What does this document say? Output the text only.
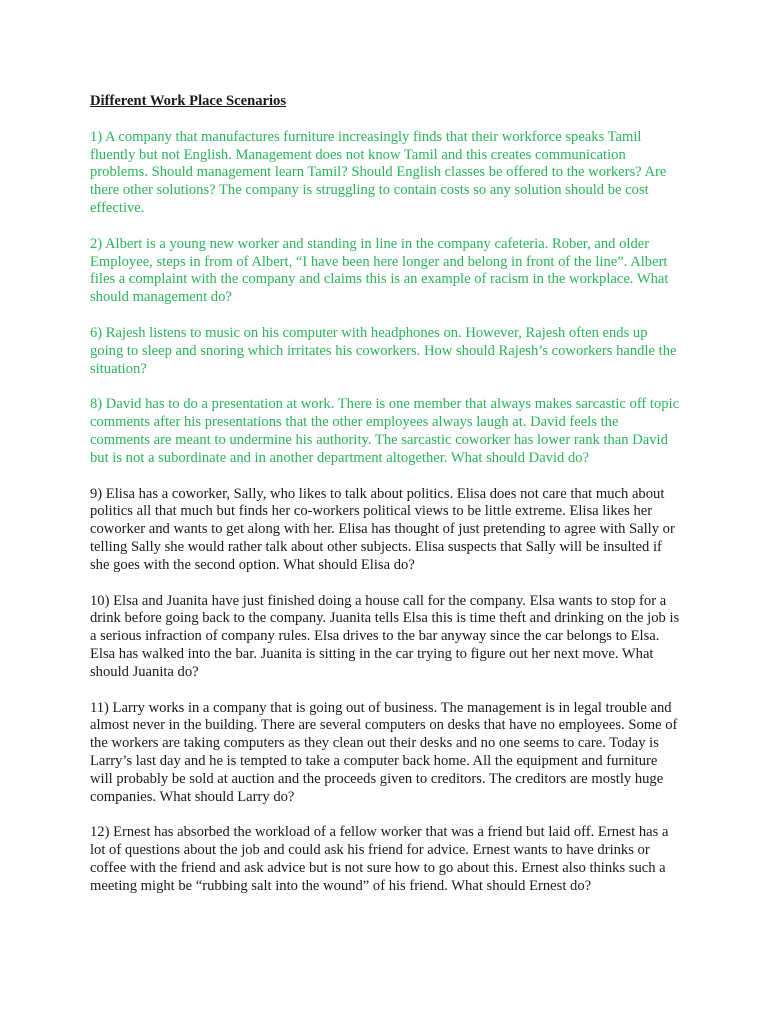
Different Work Place Scenarios

1) A company that manufactures furniture increasingly finds that their workforce speaks Tamil fluently but not English. Management does not know Tamil and this creates communication problems. Should management learn Tamil? Should English classes be offered to the workers? Are there other solutions? The company is struggling to contain costs so any solution should be cost effective.

2) Albert is a young new worker and standing in line in the company cafeteria. Rober, and older Employee, steps in from of Albert, “I have been here longer and belong in front of the line”. Albert files a complaint with the company and claims this is an example of racism in the workplace. What should management do?

6) Rajesh listens to music on his computer with headphones on. However, Rajesh often ends up going to sleep and snoring which irritates his coworkers. How should Rajesh’s coworkers handle the situation?

8) David has to do a presentation at work. There is one member that always makes sarcastic off topic comments after his presentations that the other employees always laugh at. David feels the comments are meant to undermine his authority. The sarcastic coworker has lower rank than David but is not a subordinate and in another department altogether. What should David do?

9) Elisa has a coworker, Sally, who likes to talk about politics. Elisa does not care that much about politics all that much but finds her co-workers political views to be little extreme. Elisa likes her coworker and wants to get along with her. Elisa has thought of just pretending to agree with Sally or telling Sally she would rather talk about other subjects. Elisa suspects that Sally will be insulted if she goes with the second option. What should Elisa do?

10) Elsa and Juanita have just finished doing a house call for the company. Elsa wants to stop for a drink before going back to the company. Juanita tells Elsa this is time theft and drinking on the job is a serious infraction of company rules. Elsa drives to the bar anyway since the car belongs to Elsa. Elsa has walked into the bar. Juanita is sitting in the car trying to figure out her next move. What should Juanita do?

11) Larry works in a company that is going out of business. The management is in legal trouble and almost never in the building. There are several computers on desks that have no employees. Some of the workers are taking computers as they clean out their desks and no one seems to care. Today is Larry’s last day and he is tempted to take a computer back home. All the equipment and furniture will probably be sold at auction and the proceeds given to creditors. The creditors are mostly huge companies. What should Larry do?

12) Ernest has absorbed the workload of a fellow worker that was a friend but laid off. Ernest has a lot of questions about the job and could ask his friend for advice. Ernest wants to have drinks or coffee with the friend and ask advice but is not sure how to go about this. Ernest also thinks such a meeting might be “rubbing salt into the wound” of his friend. What should Ernest do?
